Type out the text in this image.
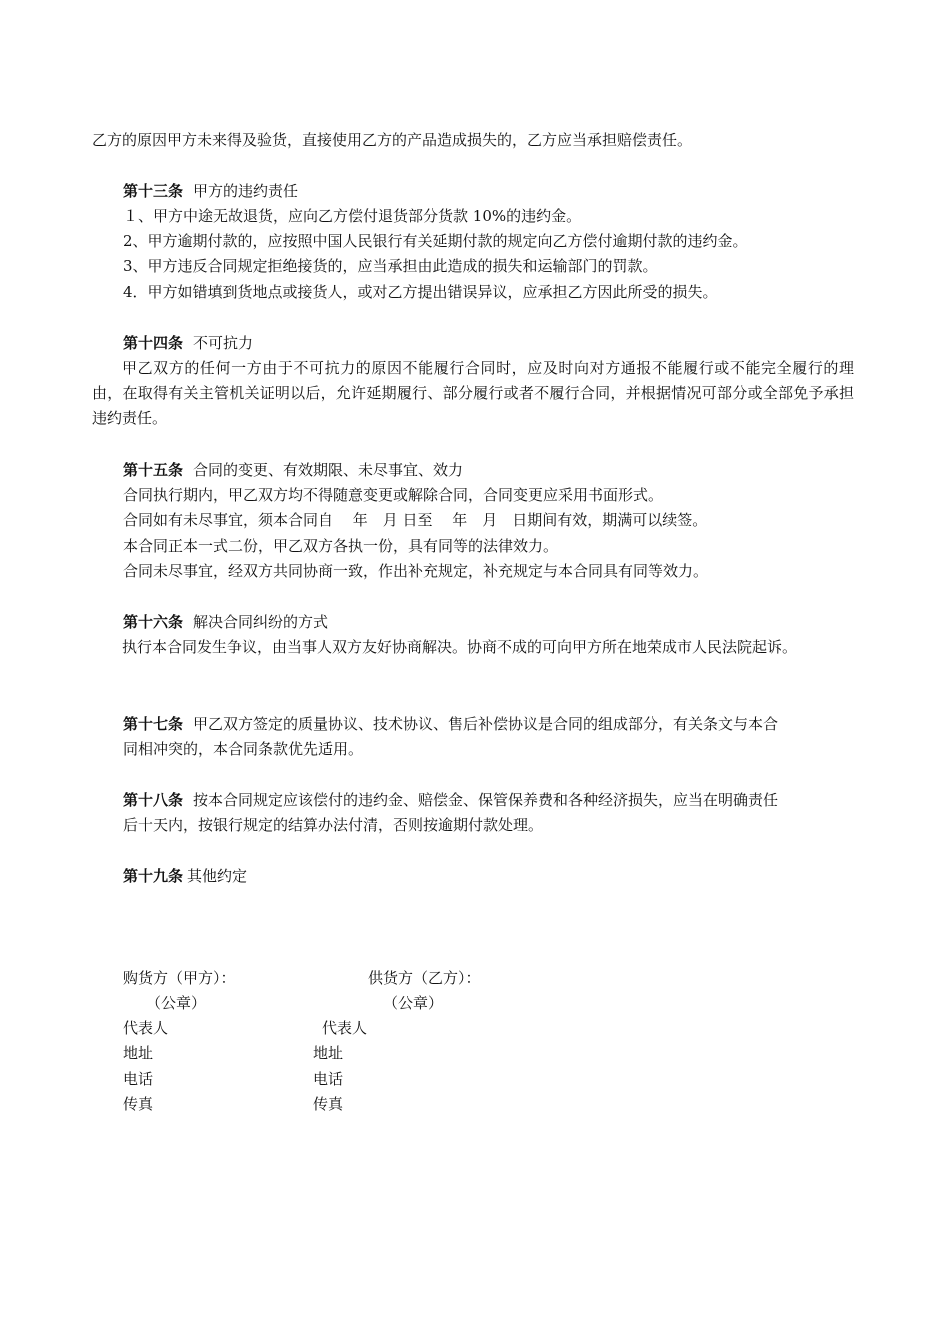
乙方的原因甲方未来得及验货，直接使用乙方的产品造成损失的，乙方应当承担赔偿责任。

第十三条 甲方的违约责任

１、甲方中途无故退货，应向乙方偿付退货部分货款 10%的违约金。

2、甲方逾期付款的，应按照中国人民银行有关延期付款的规定向乙方偿付逾期付款的违约金。

3、甲方违反合同规定拒绝接货的，应当承担由此造成的损失和运输部门的罚款。

4．甲方如错填到货地点或接货人，或对乙方提出错误异议，应承担乙方因此所受的损失。

第十四条 不可抗力

甲乙双方的任何一方由于不可抗力的原因不能履行合同时，应及时向对方通报不能履行或不能完全履行的理由，在取得有关主管机关证明以后，允许延期履行、部分履行或者不履行合同，并根据情况可部分或全部免予承担违约责任。

第十五条 合同的变更、有效期限、未尽事宜、效力

合同执行期内，甲乙双方均不得随意变更或解除合同，合同变更应采用书面形式。

合同如有未尽事宜，须本合同自　 年　月 日至　 年　月　日期间有效，期满可以续签。

本合同正本一式二份，甲乙双方各执一份，具有同等的法律效力。

合同未尽事宜，经双方共同协商一致，作出补充规定，补充规定与本合同具有同等效力。

第十六条 解决合同纠纷的方式

执行本合同发生争议，由当事人双方友好协商解决。协商不成的可向甲方所在地荣成市人民法院起诉。

第十七条 甲乙双方签定的质量协议、技术协议、售后补偿协议是合同的组成部分，有关条文与本合

同相冲突的，本合同条款优先适用。

第十八条 按本合同规定应该偿付的违约金、赔偿金、保管保养费和各种经济损失，应当在明确责任

后十天内，按银行规定的结算办法付清，否则按逾期付款处理。

第十九条 其他约定

购货方（甲方）：

（公章）

代表人

地址

电话

传真

供货方（乙方）：

（公章）

代表人

地址

电话

传真
